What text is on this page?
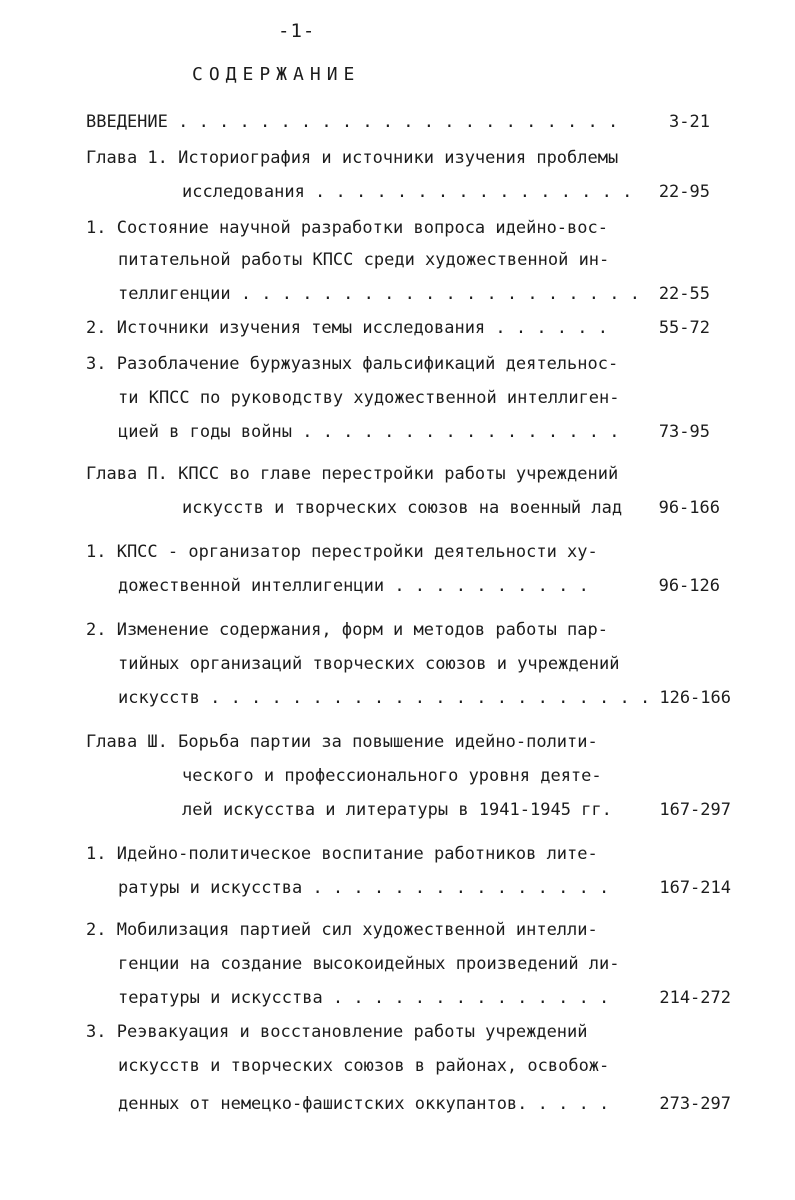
-1-
СОДЕРЖАНИЕ
ВВЕДЕНИЕ . . . . . . . . . . . . . . . . . . . . . .	3-21
Глава 1. Историография и источники изучения проблемы
исследования . . . . . . . . . . . . . . . . 22-95
1. Состояние научной разработки вопроса идейно-вос-
питательной работы КПСС среди художественной ин-
теллигенции . . . . . . . . . . . . . . . . . . . . 22-55
2. Источники изучения темы исследования . . . . . .	55-72
3. Разоблачение буржуазных фальсификаций деятельнос-
ти КПСС по руководству художественной интеллиген-
цией в годы войны . . . . . . . . . . . . . . . . 73-95
Глава П. КПСС во главе перестройки работы учреждений
искусств и творческих союзов на военный лад 96-166
1. КПСС - организатор перестройки деятельности ху-
дожественной интеллигенции . . . . . . . . . .	96-126
2. Изменение содержания, форм и методов работы пар-
тийных организаций творческих союзов и учреждений
искусств . . . . . . . . . . . . . . . . . . . . . . 126-166
Глава Ш. Борьба партии за повышение идейно-полити-
ческого и профессионального уровня деяте-
лей искусства и литературы в 1941-1945 гг.	167-297
1. Идейно-политическое воспитание работников лите-
ратуры и искусства . . . . . . . . . . . . . . .	167-214
2. Мобилизация партией сил художественной интелли-
генции на создание высокоидейных произведений ли-
тературы и искусства . . . . . . . . . . . . . .	214-272
3. Реэвакуация и восстановление работы учреждений
искусств и творческих союзов в районах, освобож-
денных от немецко-фашистских оккупантов. . . . .	273-297
